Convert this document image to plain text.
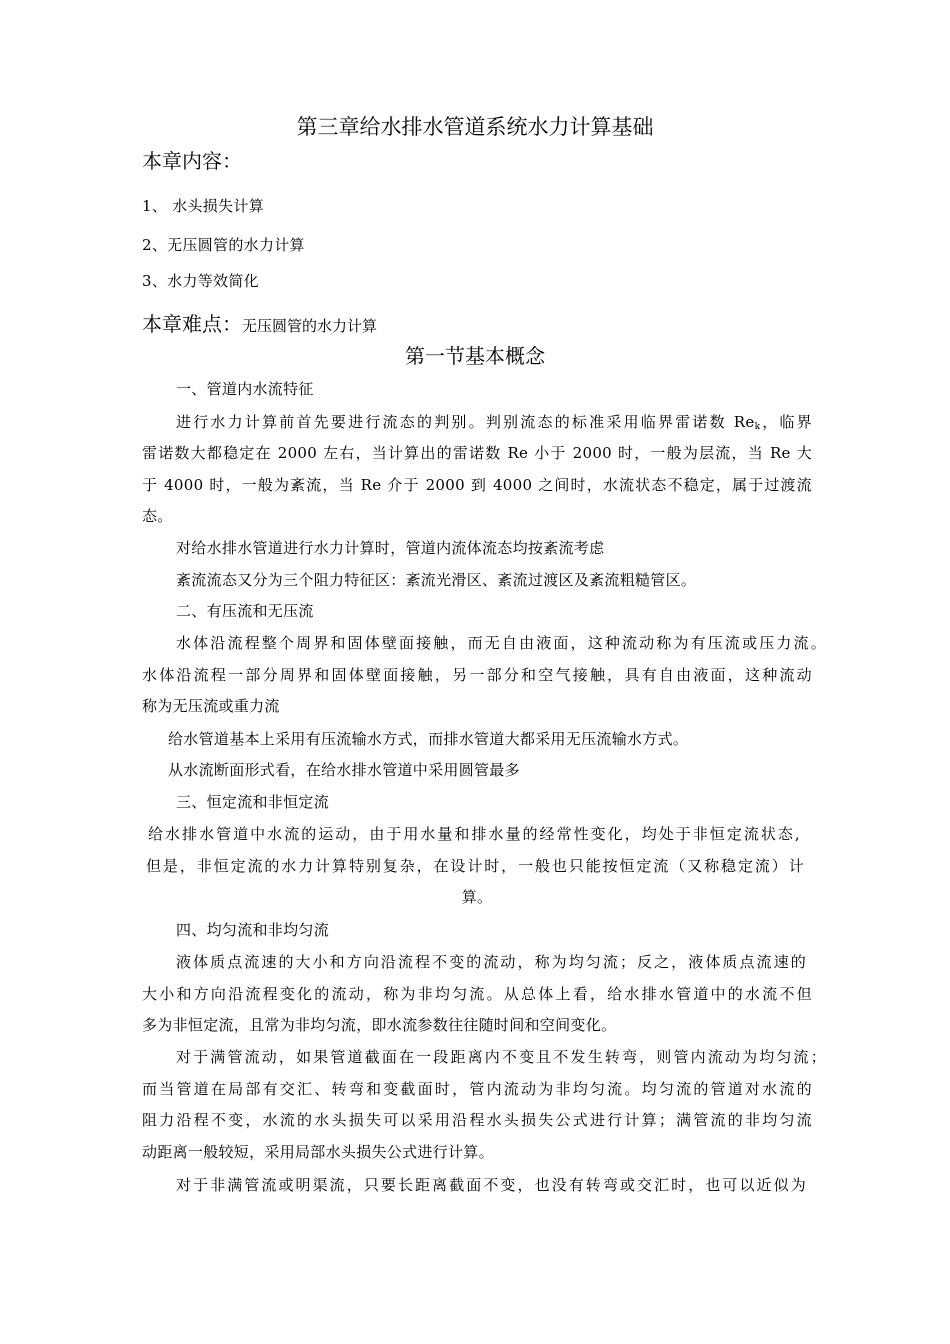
第三章给水排水管道系统水力计算基础
本章内容：
1、 水头损失计算
2、无压圆管的水力计算
3、水力等效简化
本章难点：无压圆管的水力计算
第一节基本概念
一、管道内水流特征
进行水力计算前首先要进行流态的判别。判别流态的标准采用临界雷诺数 $Re_k$，临界
雷诺数大都稳定在 2000 左右，当计算出的雷诺数 Re 小于 2000 时，一般为层流，当 Re 大
于 4000 时，一般为紊流，当 Re 介于 2000 到 4000 之间时，水流状态不稳定，属于过渡流
态。
对给水排水管道进行水力计算时，管道内流体流态均按紊流考虑
紊流流态又分为三个阻力特征区：紊流光滑区、紊流过渡区及紊流粗糙管区。
二、有压流和无压流
水体沿流程整个周界和固体壁面接触，而无自由液面，这种流动称为有压流或压力流。
水体沿流程一部分周界和固体壁面接触，另一部分和空气接触，具有自由液面，这种流动
称为无压流或重力流
给水管道基本上采用有压流输水方式，而排水管道大都采用无压流输水方式。
从水流断面形式看，在给水排水管道中采用圆管最多
三、恒定流和非恒定流
给水排水管道中水流的运动，由于用水量和排水量的经常性变化，均处于非恒定流状态,
但是，非恒定流的水力计算特别复杂，在设计时，一般也只能按恒定流（又称稳定流）计
算。
四、均匀流和非均匀流
液体质点流速的大小和方向沿流程不变的流动，称为均匀流；反之，液体质点流速的
大小和方向沿流程变化的流动，称为非均匀流。从总体上看，给水排水管道中的水流不但
多为非恒定流，且常为非均匀流，即水流参数往往随时间和空间变化。
对于满管流动，如果管道截面在一段距离内不变且不发生转弯，则管内流动为均匀流；
而当管道在局部有交汇、转弯和变截面时，管内流动为非均匀流。均匀流的管道对水流的
阻力沿程不变，水流的水头损失可以采用沿程水头损失公式进行计算；满管流的非均匀流
动距离一般较短，采用局部水头损失公式进行计算。
对于非满管流或明渠流，只要长距离截面不变，也没有转弯或交汇时，也可以近似为
